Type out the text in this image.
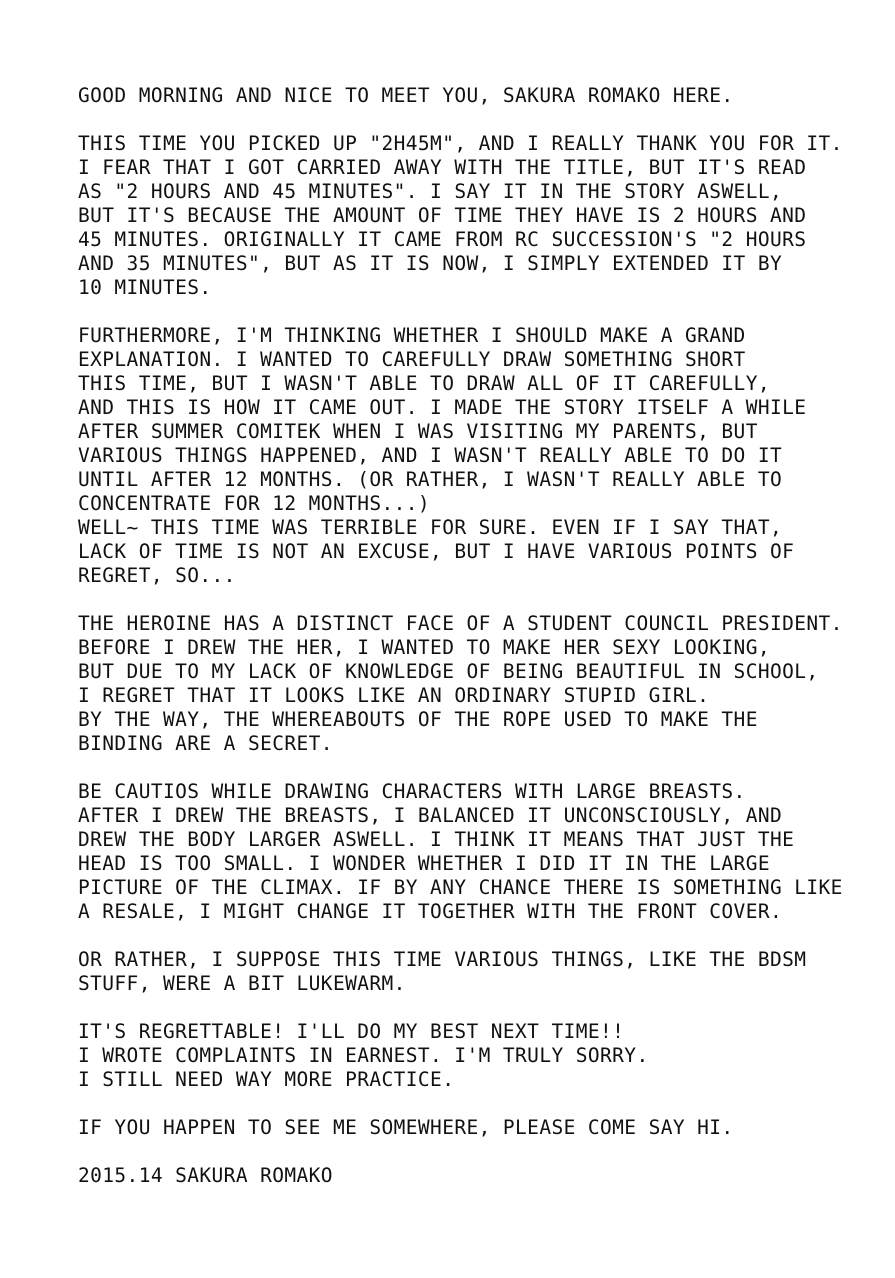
GOOD MORNING AND NICE TO MEET YOU, SAKURA ROMAKO HERE.
THIS TIME YOU PICKED UP "2H45M", AND I REALLY THANK YOU FOR IT.
I FEAR THAT I GOT CARRIED AWAY WITH THE TITLE, BUT IT'S READ
AS "2 HOURS AND 45 MINUTES". I SAY IT IN THE STORY ASWELL,
BUT IT'S BECAUSE THE AMOUNT OF TIME THEY HAVE IS 2 HOURS AND
45 MINUTES. ORIGINALLY IT CAME FROM RC SUCCESSION'S "2 HOURS
AND 35 MINUTES", BUT AS IT IS NOW, I SIMPLY EXTENDED IT BY
10 MINUTES.
FURTHERMORE, I'M THINKING WHETHER I SHOULD MAKE A GRAND
EXPLANATION. I WANTED TO CAREFULLY DRAW SOMETHING SHORT
THIS TIME, BUT I WASN'T ABLE TO DRAW ALL OF IT CAREFULLY,
AND THIS IS HOW IT CAME OUT. I MADE THE STORY ITSELF A WHILE
AFTER SUMMER COMITEK WHEN I WAS VISITING MY PARENTS, BUT
VARIOUS THINGS HAPPENED, AND I WASN'T REALLY ABLE TO DO IT
UNTIL AFTER 12 MONTHS. (OR RATHER, I WASN'T REALLY ABLE TO
CONCENTRATE FOR 12 MONTHS...)
WELL~ THIS TIME WAS TERRIBLE FOR SURE. EVEN IF I SAY THAT,
LACK OF TIME IS NOT AN EXCUSE, BUT I HAVE VARIOUS POINTS OF
REGRET, SO...
THE HEROINE HAS A DISTINCT FACE OF A STUDENT COUNCIL PRESIDENT.
BEFORE I DREW THE HER, I WANTED TO MAKE HER SEXY LOOKING,
BUT DUE TO MY LACK OF KNOWLEDGE OF BEING BEAUTIFUL IN SCHOOL,
I REGRET THAT IT LOOKS LIKE AN ORDINARY STUPID GIRL.
BY THE WAY, THE WHEREABOUTS OF THE ROPE USED TO MAKE THE
BINDING ARE A SECRET.
BE CAUTIOS WHILE DRAWING CHARACTERS WITH LARGE BREASTS.
AFTER I DREW THE BREASTS, I BALANCED IT UNCONSCIOUSLY, AND
DREW THE BODY LARGER ASWELL. I THINK IT MEANS THAT JUST THE
HEAD IS TOO SMALL. I WONDER WHETHER I DID IT IN THE LARGE
PICTURE OF THE CLIMAX. IF BY ANY CHANCE THERE IS SOMETHING LIKE
A RESALE, I MIGHT CHANGE IT TOGETHER WITH THE FRONT COVER.
OR RATHER, I SUPPOSE THIS TIME VARIOUS THINGS, LIKE THE BDSM
STUFF, WERE A BIT LUKEWARM.
IT'S REGRETTABLE! I'LL DO MY BEST NEXT TIME!!
I WROTE COMPLAINTS IN EARNEST. I'M TRULY SORRY.
I STILL NEED WAY MORE PRACTICE.
IF YOU HAPPEN TO SEE ME SOMEWHERE, PLEASE COME SAY HI.
2015.14 SAKURA ROMAKO
